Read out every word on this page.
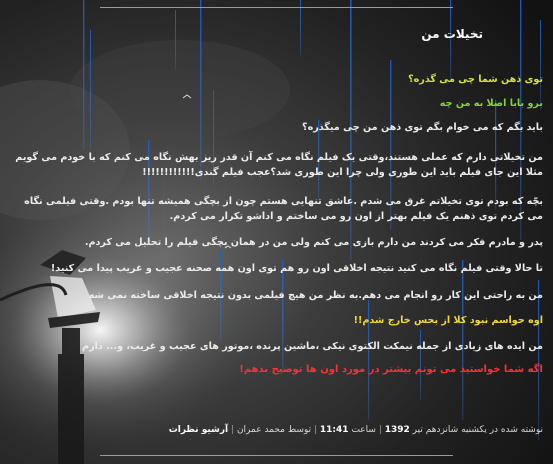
تخیلات من
توی ذهن شما چی می گذره؟
برو بابا اصلا به من چه
باید بگم که می خوام بگم توی ذهن من چی میگذره؟
من تخیلاتی دارم که عملی هستند،وقتی یک فیلم نگاه می کنم آن قدر ریز بهش نگاه می کنم که با خودم می گویم
مثلا این جای فیلم باید این طوری ولی چرا این طوری شد؟عجب فیلم گندی!!!!!!!!!!!!
بچّه که بودم توی تخیلاتم غرق می شدم .عاشق تنهایی هستم چون از بچگی همیشه تنها بودم .وقتی فیلمی نگاه
می کردم توی ذهنم یک فیلم بهتر از اون رو می ساختم و اداشو تکرار می کردم.
پدر و مادرم فکر می کردند من دارم بازی می کنم ولی من در همان بچگی فیلم را تحلیل می کردم.
تا حالا وقتی فیلم نگاه می کنید نتیجه اخلاقی اون رو هم توی اون همه صحنه عجیب و غریب پیدا می کنید!
من به راحتی این کار رو انجام می دهم.به نظر من هیچ فیلمی بدون نتیجه اخلاقی ساخته نمی شه
اوه حواسم نبود کلا از بحس خارج شدم!!
من ایده های زیادی از جمله نیمکت الکتوی نیکی ،ماشین پرنده ،موتور های عجیب و غریب، و... دارم
اگه شما خواستید می تونم بیشتر در مورد اون ها توضیح بدهم!
نوشته شده در یکشنبه شانزدهم تیر 1392 | ساعت 11:41 | توسط محمد عمران | آرشیو نظرات
